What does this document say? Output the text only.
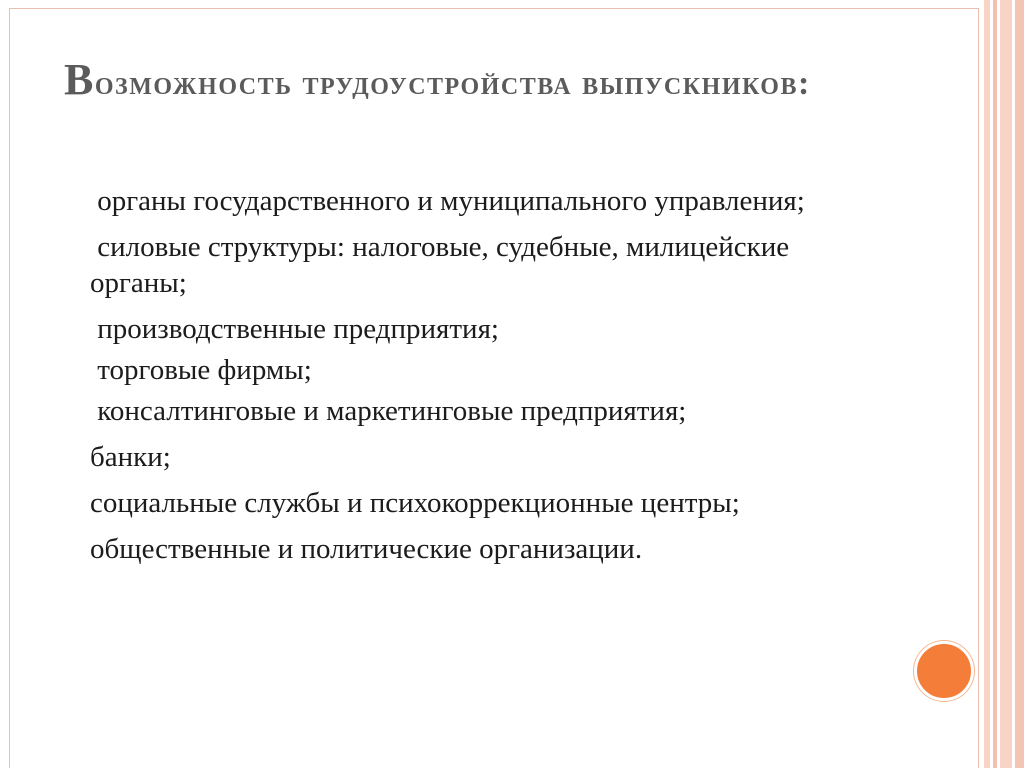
Возможность трудоустройства выпускников:
органы государственного и муниципального управления;
силовые структуры: налоговые, судебные, милицейские органы;
производственные предприятия;
торговые фирмы;
консалтинговые и маркетинговые предприятия;
банки;
социальные службы и психокоррекционные центры;
общественные и политические организации.
